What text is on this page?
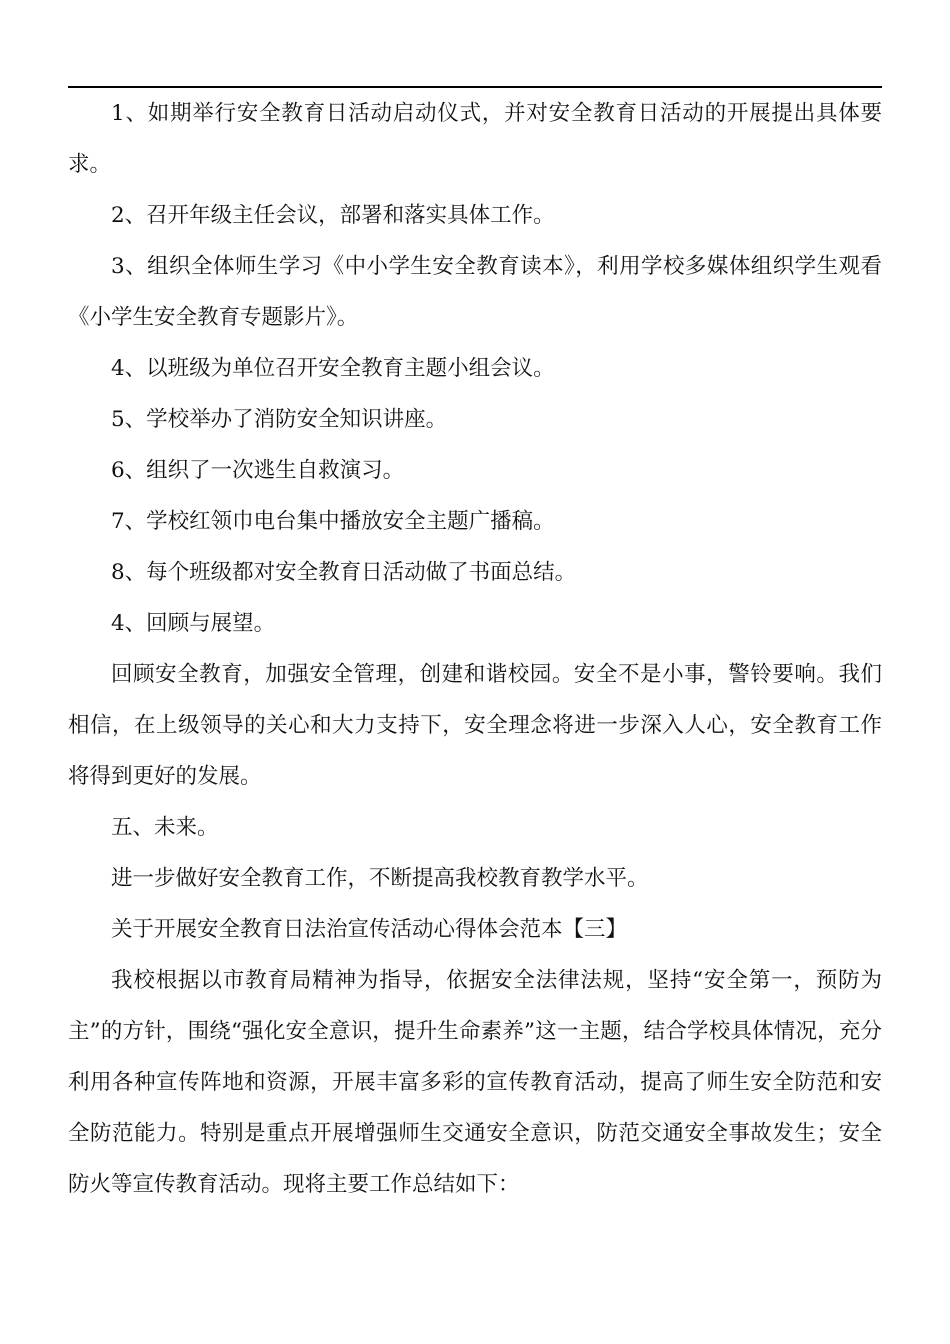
1、如期举行安全教育日活动启动仪式，并对安全教育日活动的开展提出具体要求。

2、召开年级主任会议，部署和落实具体工作。

3、组织全体师生学习《中小学生安全教育读本》，利用学校多媒体组织学生观看《小学生安全教育专题影片》。

4、以班级为单位召开安全教育主题小组会议。

5、学校举办了消防安全知识讲座。

6、组织了一次逃生自救演习。

7、学校红领巾电台集中播放安全主题广播稿。

8、每个班级都对安全教育日活动做了书面总结。

4、回顾与展望。

回顾安全教育，加强安全管理，创建和谐校园。安全不是小事，警铃要响。我们相信，在上级领导的关心和大力支持下，安全理念将进一步深入人心，安全教育工作将得到更好的发展。

五、未来。

进一步做好安全教育工作，不断提高我校教育教学水平。

关于开展安全教育日法治宣传活动心得体会范本【三】

我校根据以市教育局精神为指导，依据安全法律法规，坚持“安全第一，预防为主”的方针，围绕“强化安全意识，提升生命素养”这一主题，结合学校具体情况，充分利用各种宣传阵地和资源，开展丰富多彩的宣传教育活动，提高了师生安全防范和安全防范能力。特别是重点开展增强师生交通安全意识，防范交通安全事故发生；安全防火等宣传教育活动。现将主要工作总结如下：
